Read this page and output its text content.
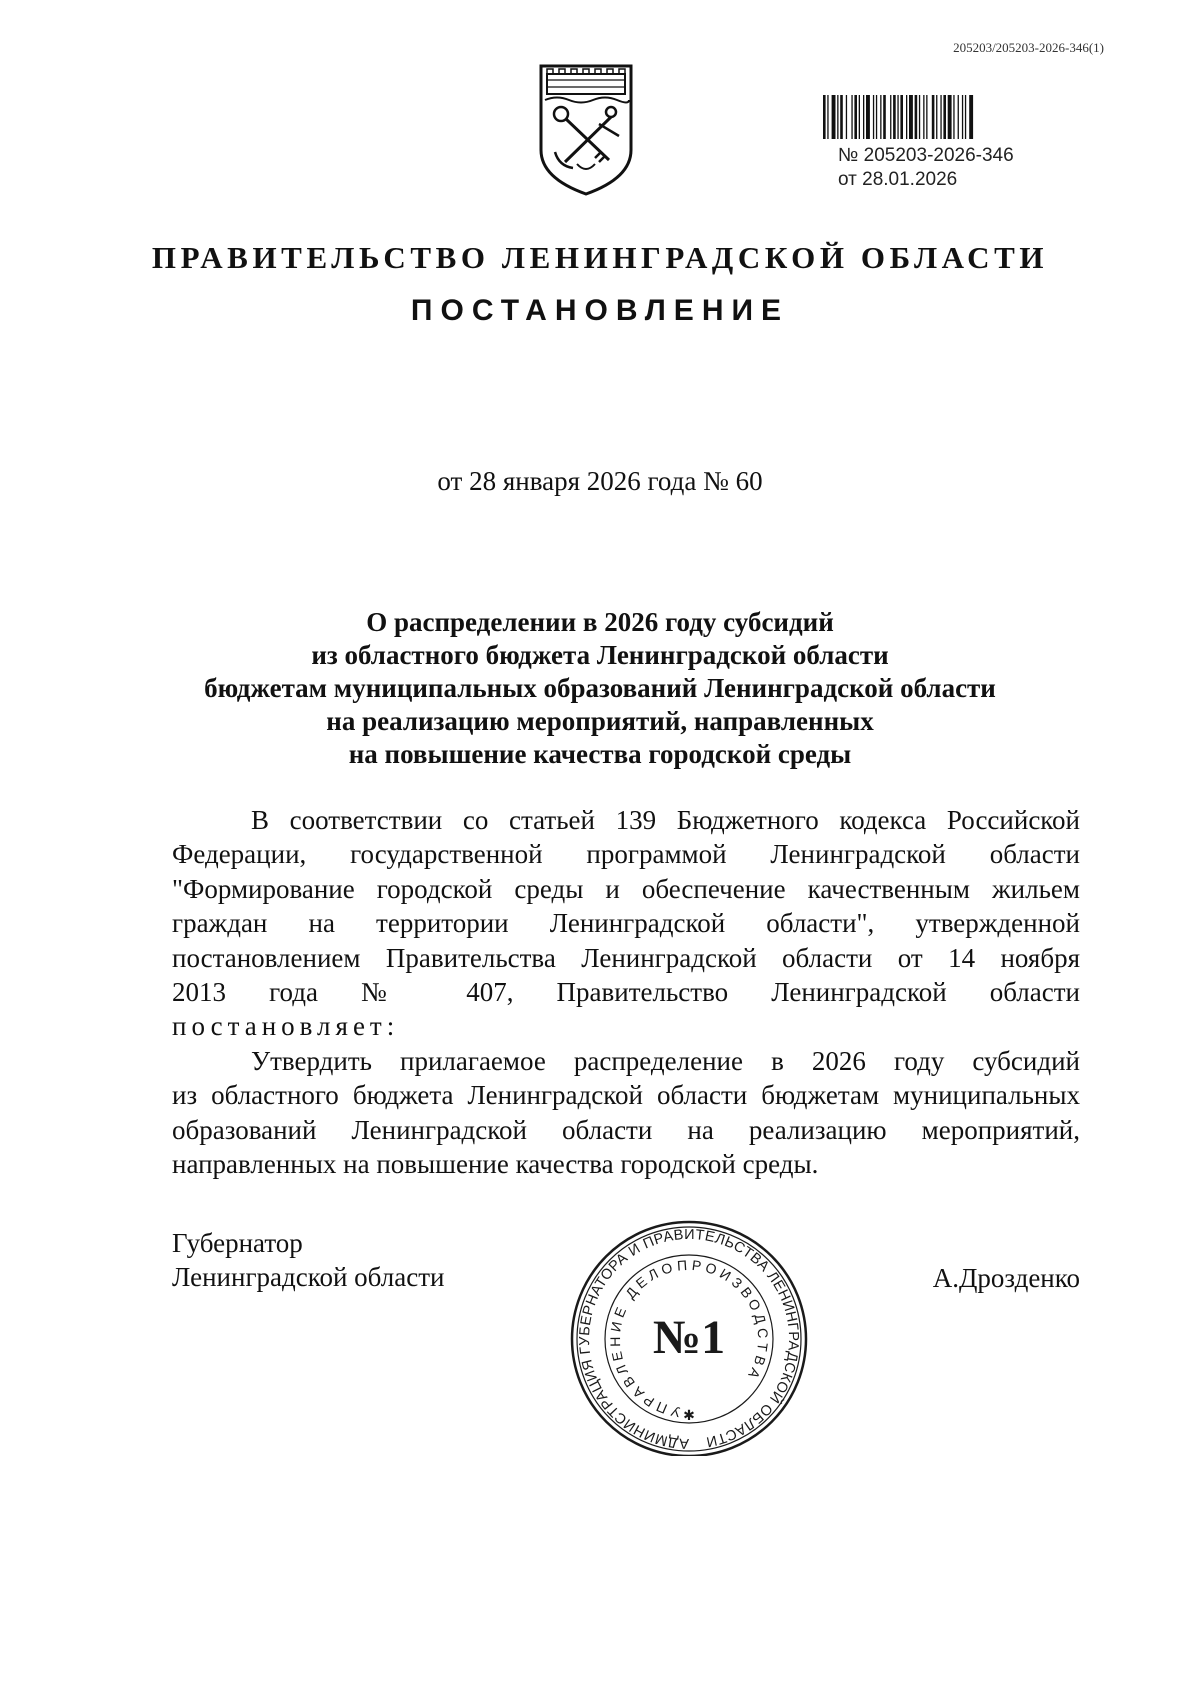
205203/205203-2026-346(1)
№ 205203-2026-346
от 28.01.2026
ПРАВИТЕЛЬСТВО ЛЕНИНГРАДСКОЙ ОБЛАСТИ
ПОСТАНОВЛЕНИЕ
от 28 января 2026 года № 60
О распределении в 2026 году субсидий
из областного бюджета Ленинградской области
бюджетам муниципальных образований Ленинградской области
на реализацию мероприятий, направленных
на повышение качества городской среды
В соответствии со статьей 139 Бюджетного кодекса Российской
Федерации, государственной программой Ленинградской области
"Формирование городской среды и обеспечение качественным жильем
граждан на территории Ленинградской области", утвержденной
постановлением Правительства Ленинградской области от 14 ноября
2013 года № 407, Правительство Ленинградской области
постановляет:
Утвердить прилагаемое распределение в 2026 году субсидий
из областного бюджета Ленинградской области бюджетам муниципальных
образований Ленинградской области на реализацию мероприятий,
направленных на повышение качества городской среды.
Губернатор
Ленинградской области	А.Дрозденко
АДМИНИСТРАЦИЯ ГУБЕРНАТОРА И ПРАВИТЕЛЬСТВА ЛЕНИНГРАДСКОЙ ОБЛАСТИ
УПРАВЛЕНИЕ ДЕЛОПРОИЗВОДСТВА
№1
✱
